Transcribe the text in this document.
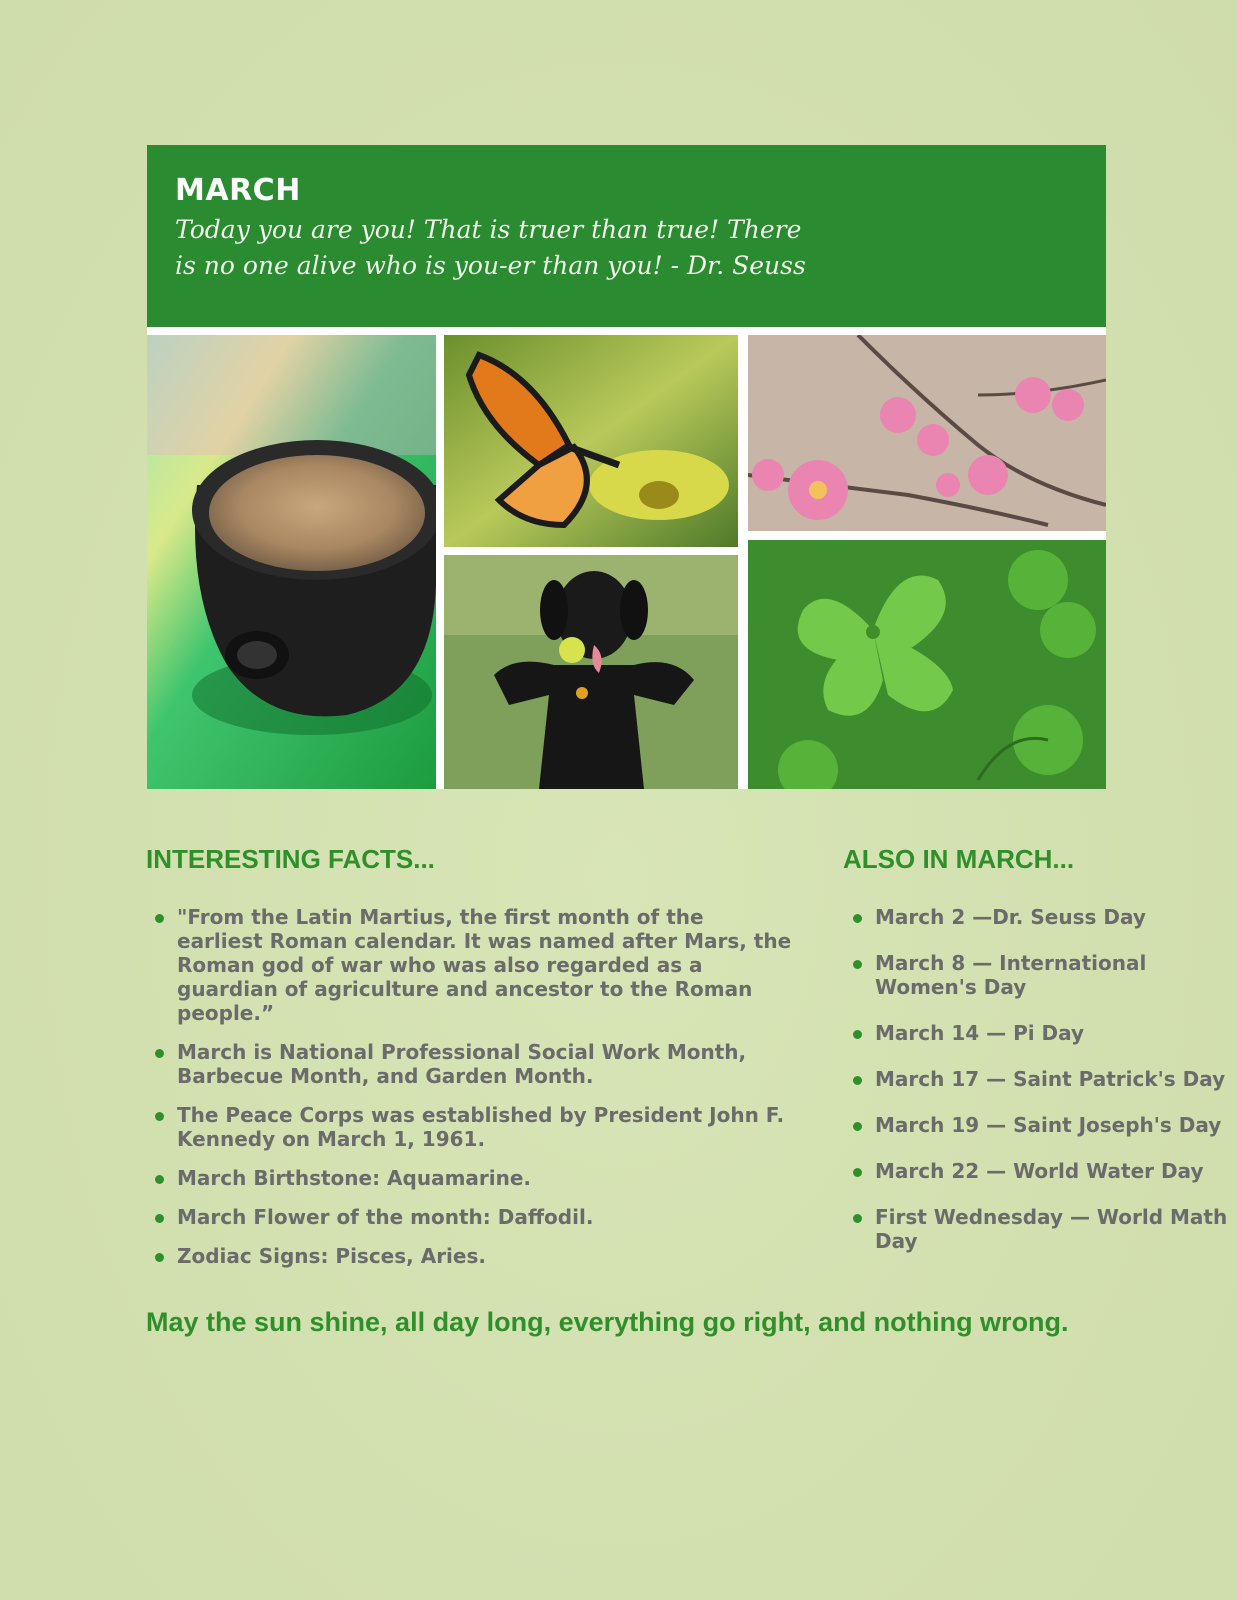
MARCH
Today you are you! That is truer than true! There is no one alive who is you-er than you! - Dr. Seuss
INTERESTING FACTS...
"From the Latin Martius, the first month of the earliest Roman calendar. It was named after Mars, the Roman god of war who was also regarded as a guardian of agriculture and ancestor to the Roman people.”
March is National Professional Social Work Month, Barbecue Month, and Garden Month.
The Peace Corps was established by President John F. Kennedy on March 1, 1961.
March Birthstone: Aquamarine.
March Flower of the month: Daffodil.
Zodiac Signs: Pisces, Aries.
ALSO IN MARCH...
March 2 —Dr. Seuss Day
March 8 — International Women's Day
March 14 — Pi Day
March 17 — Saint Patrick's Day
March 19 — Saint Joseph's Day
March 22 — World Water Day
First Wednesday — World Math Day
May the sun shine, all day long, everything go right, and nothing wrong.
